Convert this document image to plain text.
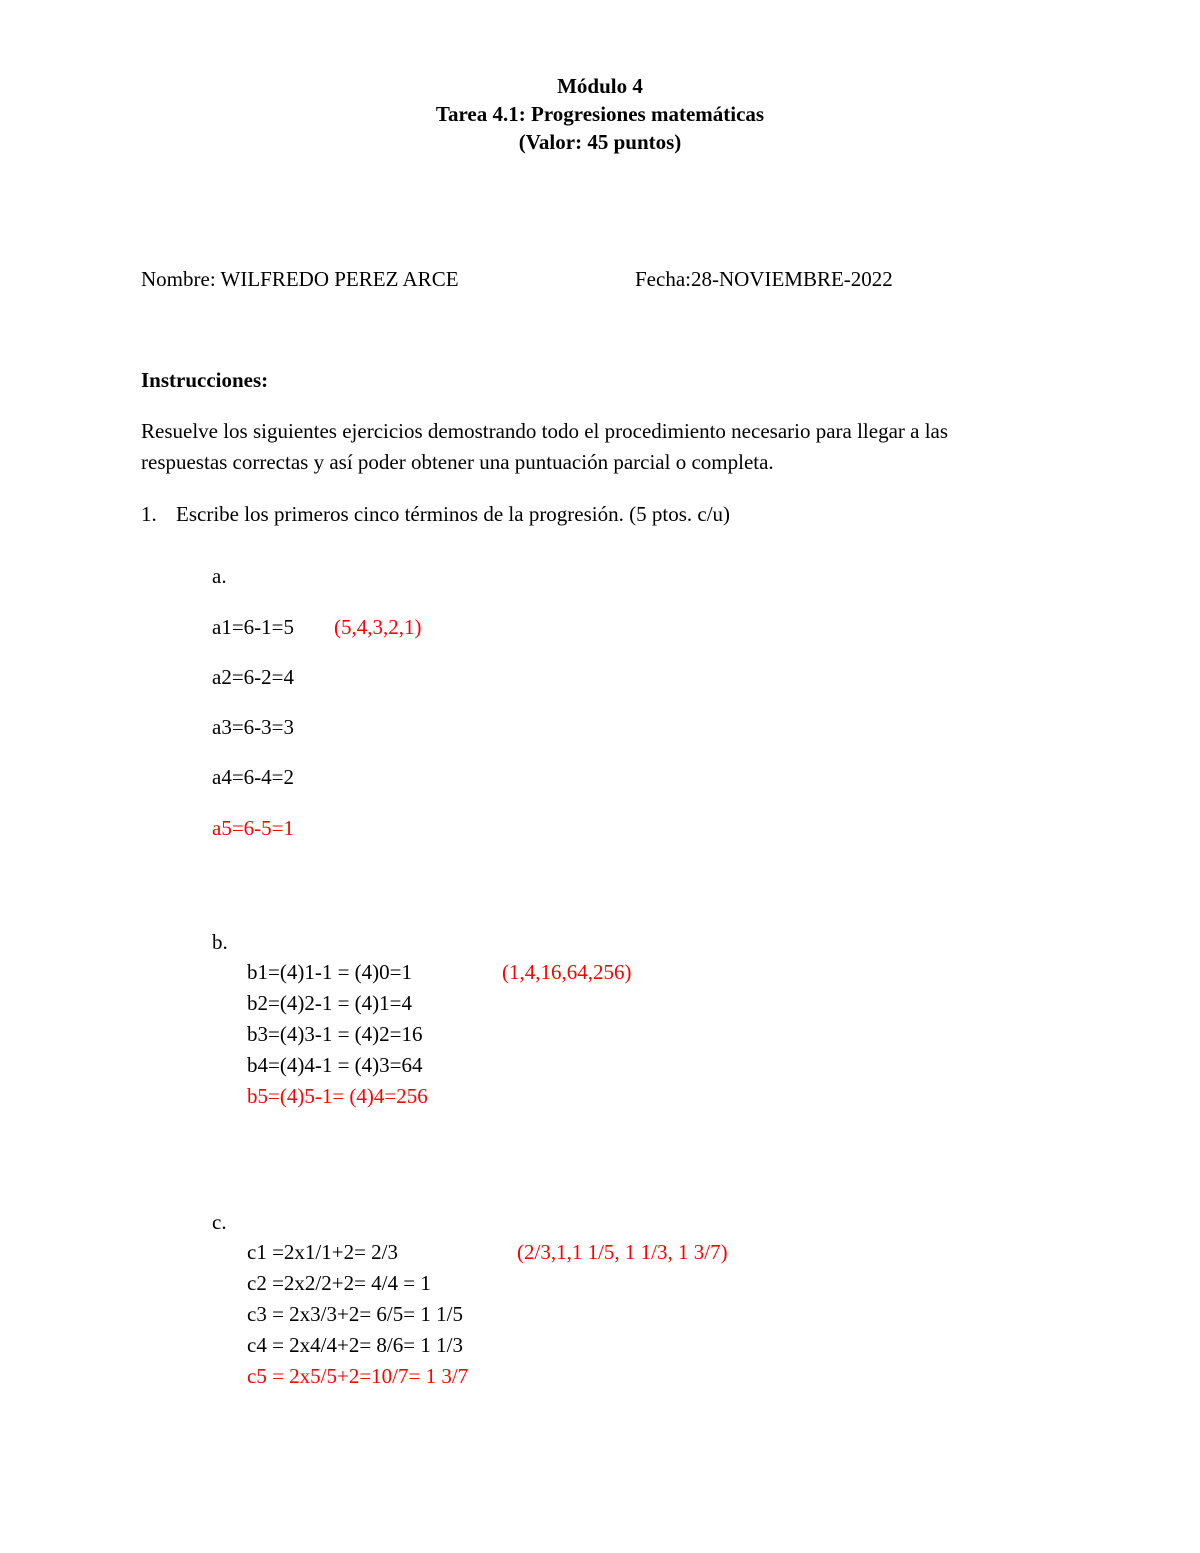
Módulo 4
Tarea 4.1: Progresiones matemáticas
(Valor: 45 puntos)
Nombre: WILFREDO PEREZ ARCE	Fecha:28-NOVIEMBRE-2022
Instrucciones:
Resuelve los siguientes ejercicios demostrando todo el procedimiento necesario para llegar a las
respuestas correctas y así poder obtener una puntuación parcial o completa.
1. Escribe los primeros cinco términos de la progresión. (5 ptos. c/u)
a.
a1=6-1=5 (5,4,3,2,1)
a2=6-2=4
a3=6-3=3
a4=6-4=2
a5=6-5=1
b.
b1=(4)1-1 = (4)0=1	(1,4,16,64,256)
b2=(4)2-1 = (4)1=4
b3=(4)3-1 = (4)2=16
b4=(4)4-1 = (4)3=64
b5=(4)5-1= (4)4=256
c.
c1 =2x1/1+2= 2/3	(2/3,1,1 1/5, 1 1/3, 1 3/7)
c2 =2x2/2+2= 4/4 = 1
c3 = 2x3/3+2= 6/5= 1 1/5
c4 = 2x4/4+2= 8/6= 1 1/3
c5 = 2x5/5+2=10/7= 1 3/7
